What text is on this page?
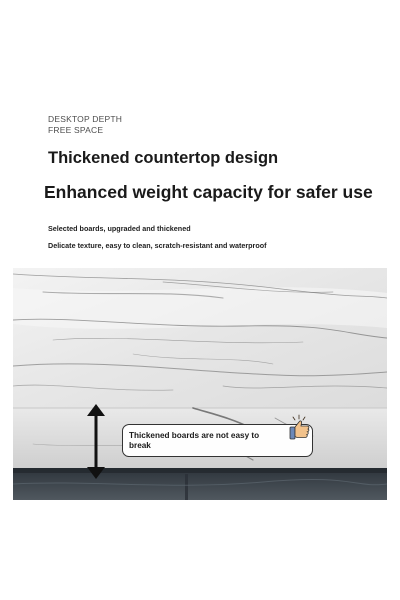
DESKTOP DEPTH
FREE SPACE
Thickened countertop design
Enhanced weight capacity for safer use
Selected boards, upgraded and thickened
Delicate texture, easy to clean, scratch-resistant and waterproof
Thickened boards are not easy to break
